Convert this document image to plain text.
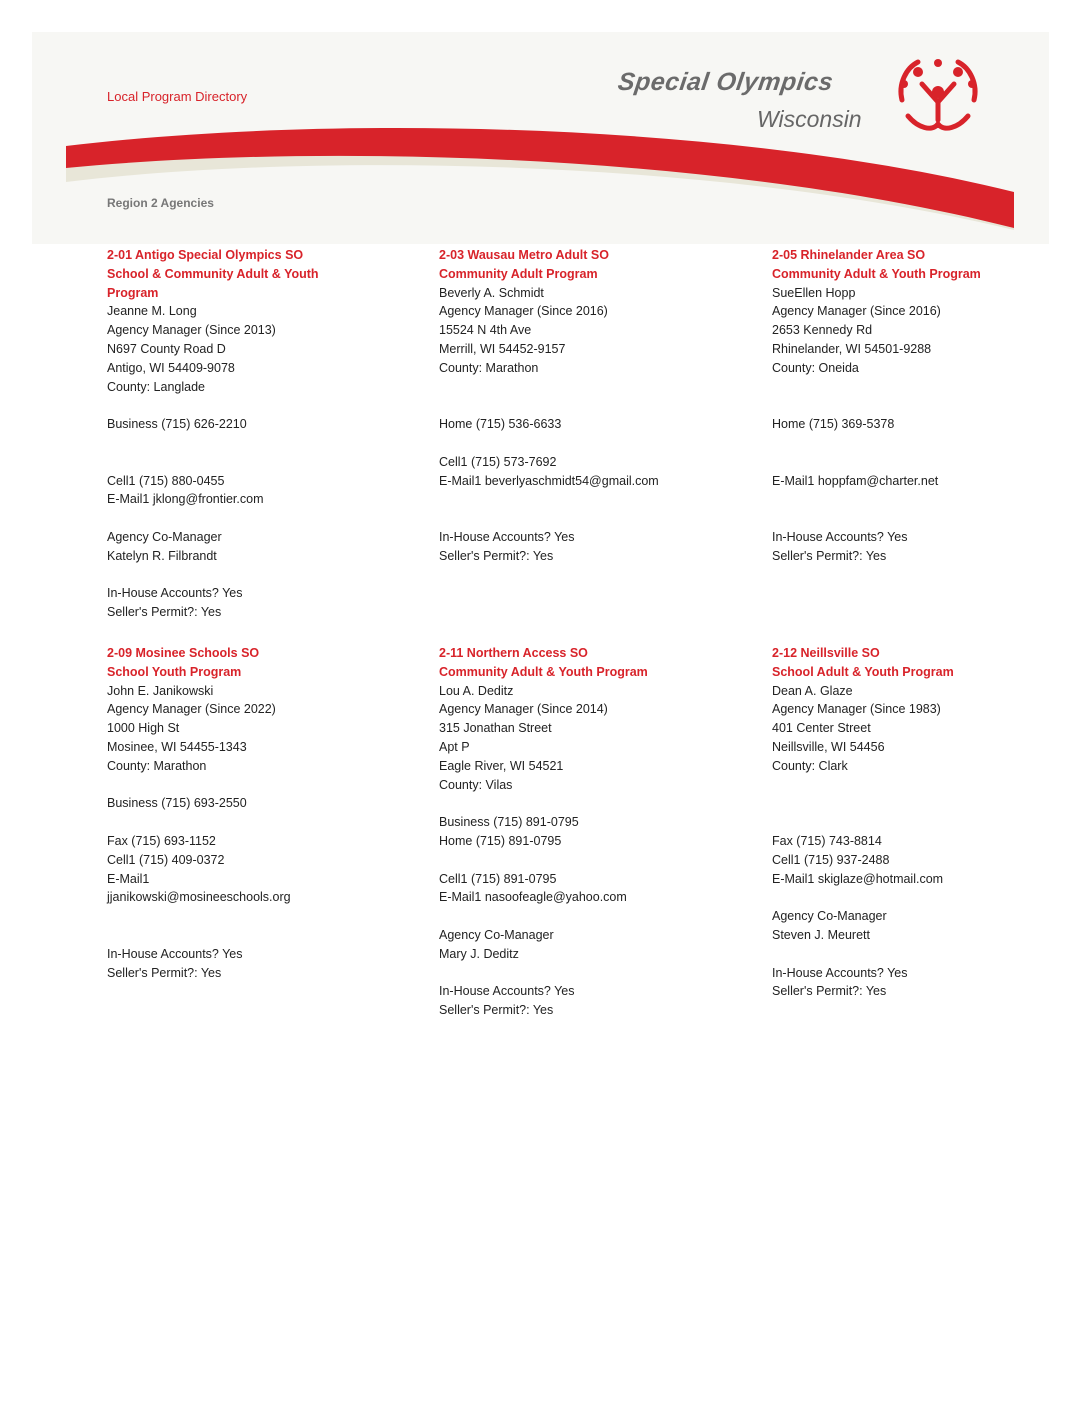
Local Program Directory
Special Olympics
Wisconsin
Region 2 Agencies
2-01 Antigo Special Olympics SO
School & Community Adult & Youth
Program
Jeanne M. Long
Agency Manager (Since 2013)
N697 County Road D
Antigo, WI 54409-9078
County: Langlade
Business (715) 626-2210
Cell1 (715) 880-0455
E-Mail1 jklong@frontier.com
Agency Co-Manager
Katelyn R. Filbrandt
In-House Accounts? Yes
Seller's Permit?: Yes
2-03 Wausau Metro Adult SO
Community Adult Program
Beverly A. Schmidt
Agency Manager (Since 2016)
15524 N 4th Ave
Merrill, WI 54452-9157
County: Marathon
Home (715) 536-6633
Cell1 (715) 573-7692
E-Mail1 beverlyaschmidt54@gmail.com
In-House Accounts? Yes
Seller's Permit?: Yes
2-05 Rhinelander Area SO
Community Adult & Youth Program
SueEllen Hopp
Agency Manager (Since 2016)
2653 Kennedy Rd
Rhinelander, WI 54501-9288
County: Oneida
Home (715) 369-5378
E-Mail1 hoppfam@charter.net
In-House Accounts? Yes
Seller's Permit?: Yes
2-09 Mosinee Schools SO
School Youth Program
John E. Janikowski
Agency Manager (Since 2022)
1000 High St
Mosinee, WI 54455-1343
County: Marathon
Business (715) 693-2550
Fax (715) 693-1152
Cell1 (715) 409-0372
E-Mail1
jjanikowski@mosineeschools.org
In-House Accounts? Yes
Seller's Permit?: Yes
2-11 Northern Access SO
Community Adult & Youth Program
Lou A. Deditz
Agency Manager (Since 2014)
315 Jonathan Street
Apt P
Eagle River, WI 54521
County: Vilas
Business (715) 891-0795
Home (715) 891-0795
Cell1 (715) 891-0795
E-Mail1 nasoofeagle@yahoo.com
Agency Co-Manager
Mary J. Deditz
In-House Accounts? Yes
Seller's Permit?: Yes
2-12 Neillsville SO
School Adult & Youth Program
Dean A. Glaze
Agency Manager (Since 1983)
401 Center Street
Neillsville, WI 54456
County: Clark
Fax (715) 743-8814
Cell1 (715) 937-2488
E-Mail1 skiglaze@hotmail.com
Agency Co-Manager
Steven J. Meurett
In-House Accounts? Yes
Seller's Permit?: Yes
